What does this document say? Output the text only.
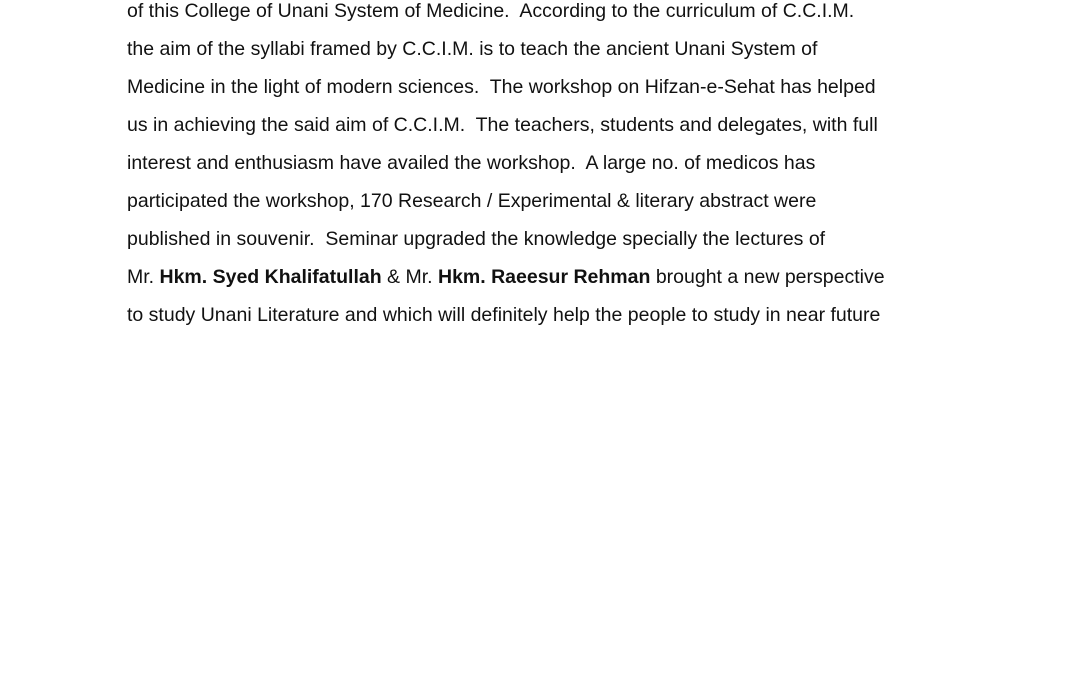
of this College of Unani System of Medicine.  According to the curriculum of C.C.I.M.
the aim of the syllabi framed by C.C.I.M. is to teach the ancient Unani System of
Medicine in the light of modern sciences.  The workshop on Hifzan-e-Sehat has helped
us in achieving the said aim of C.C.I.M.  The teachers, students and delegates, with full
interest and enthusiasm have availed the workshop.  A large no. of medicos has
participated the workshop, 170 Research / Experimental & literary abstract were
published in souvenir.  Seminar upgraded the knowledge specially the lectures of
Mr. Hkm. Syed Khalifatullah & Mr. Hkm. Raeesur Rehman brought a new perspective
to study Unani Literature and which will definitely help the people to study in near future
